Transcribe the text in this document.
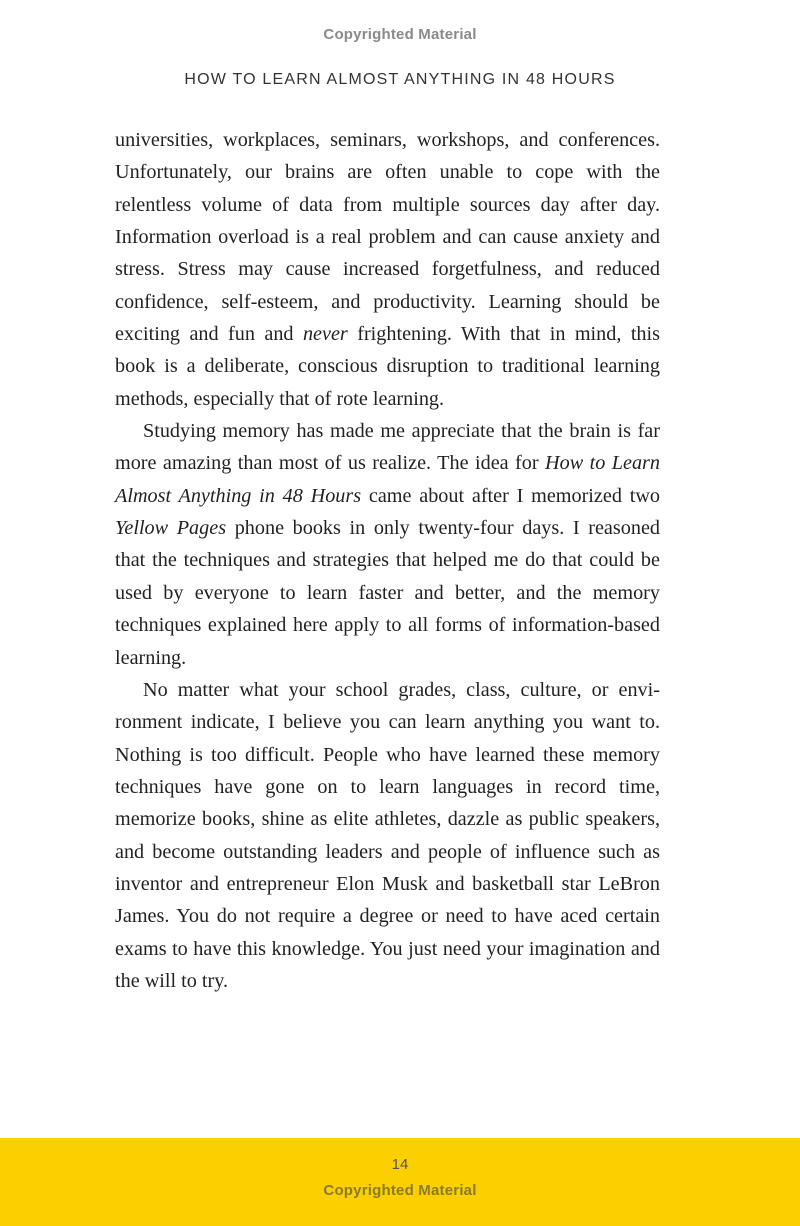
Copyrighted Material
HOW TO LEARN ALMOST ANYTHING IN 48 HOURS

universities, workplaces, seminars, workshops, and conferences. Unfortunately, our brains are often unable to cope with the relentless volume of data from multiple sources day after day. Information overload is a real problem and can cause anxiety and stress. Stress may cause increased forgetfulness, and reduced confidence, self-esteem, and productivity. Learning should be exciting and fun and never frightening. With that in mind, this book is a deliberate, conscious disruption to traditional learning methods, especially that of rote learning.

Studying memory has made me appreciate that the brain is far more amazing than most of us realize. The idea for How to Learn Almost Anything in 48 Hours came about after I memorized two Yellow Pages phone books in only twenty-four days. I reasoned that the techniques and strategies that helped me do that could be used by everyone to learn faster and better, and the memory techniques explained here apply to all forms of information-based learning.

No matter what your school grades, class, culture, or environment indicate, I believe you can learn anything you want to. Nothing is too difficult. People who have learned these memory techniques have gone on to learn languages in record time, memorize books, shine as elite athletes, dazzle as public speakers, and become outstanding leaders and people of influence such as inventor and entrepreneur Elon Musk and basketball star LeBron James. You do not require a degree or need to have aced certain exams to have this knowledge. You just need your imagination and the will to try.

14
Copyrighted Material
